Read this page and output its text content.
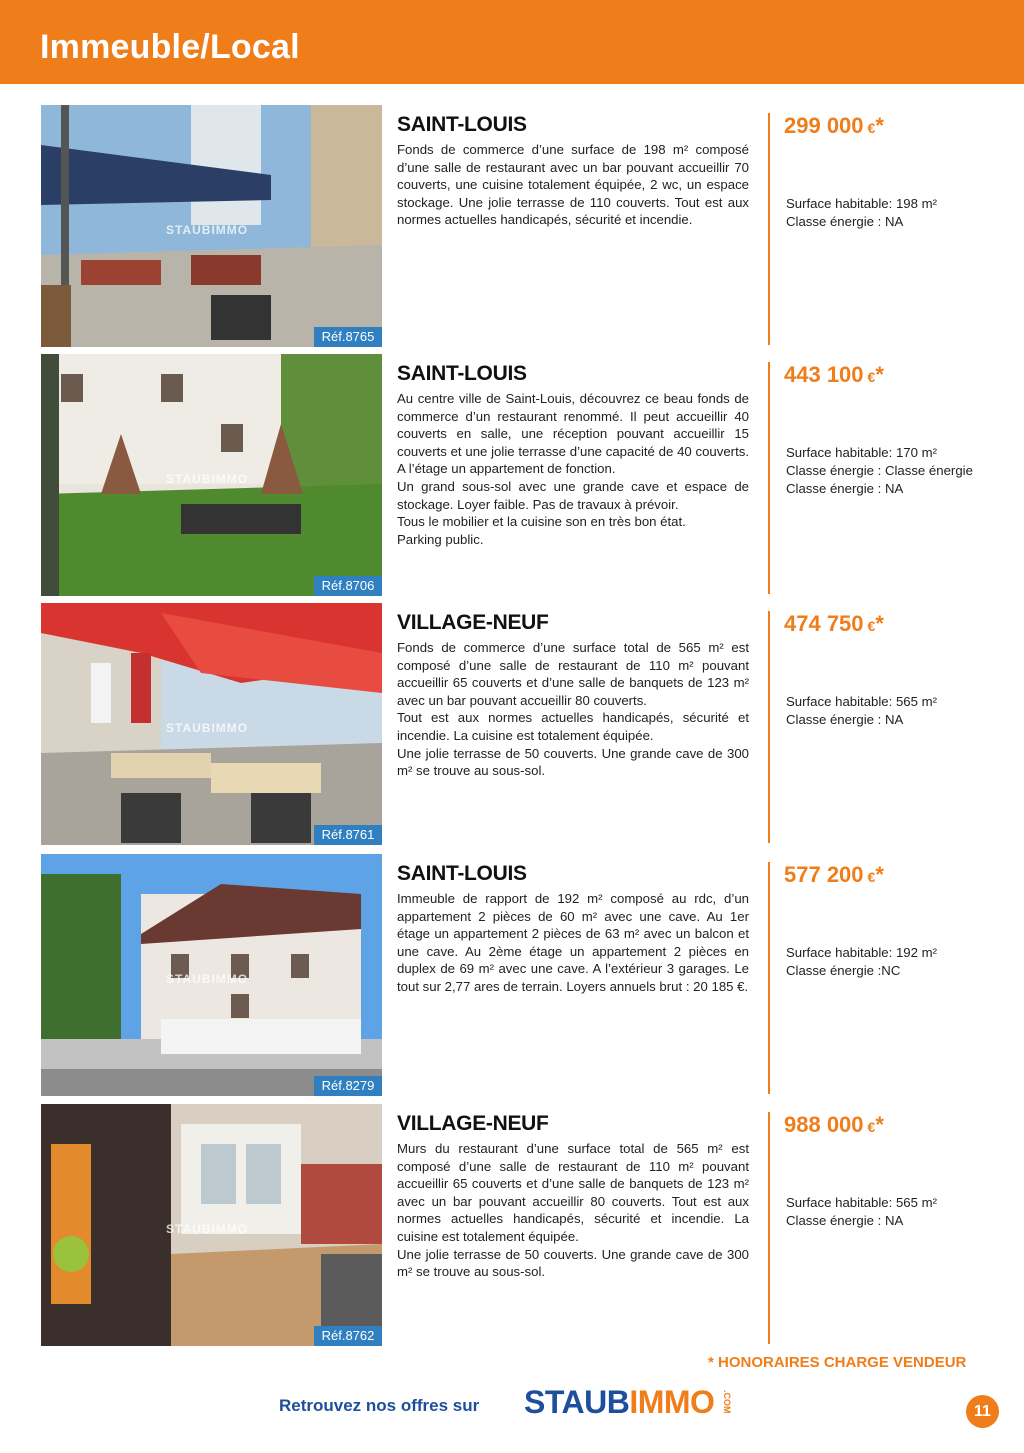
Immeuble/Local
STAUBIMMO
Réf.8765
SAINT-LOUIS
Fonds de commerce d’une surface de 198 m² composé d’une salle de restaurant avec un bar pouvant accueillir 70 couverts, une cuisine totalement équipée, 2 wc, un espace stockage. Une jolie terrasse de 110 couverts. Tout est aux normes actuelles handicapés, sécurité et incendie.
299 000 €*
Surface habitable: 198 m²
Classe énergie : NA
STAUBIMMO
Réf.8706
SAINT-LOUIS
Au centre ville de Saint-Louis, découvrez ce beau fonds de commerce d’un restaurant renommé. Il peut accueillir 40 couverts en salle, une réception pouvant accueillir 15 couverts et une jolie terrasse d’une capacité de 40 couverts. A l’étage un appartement de fonction.
Un grand sous-sol avec une grande cave et espace de stockage. Loyer faible. Pas de travaux à prévoir.
Tous le mobilier et la cuisine son en très bon état.
Parking public.
443 100 €*
Surface habitable: 170 m²
Classe énergie : Classe énergie
Classe énergie : NA
STAUBIMMO
Réf.8761
VILLAGE-NEUF
Fonds de commerce d’une surface total de 565 m² est composé d’une salle de restaurant de 110 m² pouvant accueillir 65 couverts et d’une salle de banquets de 123 m² avec un bar pouvant accueillir 80 couverts.
Tout est aux normes actuelles handicapés, sécurité et incendie. La cuisine est totalement équipée.
Une jolie terrasse de 50 couverts. Une grande cave de 300 m² se trouve au sous-sol.
474 750 €*
Surface habitable: 565 m²
Classe énergie : NA
STAUBIMMO
Réf.8279
SAINT-LOUIS
Immeuble de rapport de 192 m² composé au rdc, d’un appartement 2 pièces de 60 m² avec une cave. Au 1er étage un appartement 2 pièces de 63 m² avec un balcon et une cave. Au 2ème étage un appartement 2 pièces en duplex de 69 m² avec une cave. A l’extérieur 3 garages. Le tout sur 2,77 ares de terrain. Loyers annuels brut : 20 185 €.
577 200 €*
Surface habitable: 192 m²
Classe énergie :NC
STAUBIMMO
Réf.8762
VILLAGE-NEUF
Murs du restaurant d’une surface total de 565 m² est composé d’une salle de restaurant de 110 m² pouvant accueillir 65 couverts et d’une salle de banquets de 123 m² avec un bar pouvant accueillir 80 couverts. Tout est aux normes actuelles handicapés, sécurité et incendie. La cuisine est totalement équipée.
Une jolie terrasse de 50 couverts. Une grande cave de 300 m² se trouve au sous-sol.
988 000 €*
Surface habitable: 565 m²
Classe énergie : NA
* HONORAIRES CHARGE VENDEUR
Retrouvez nos offres sur STAUBIMMO .COM	11
